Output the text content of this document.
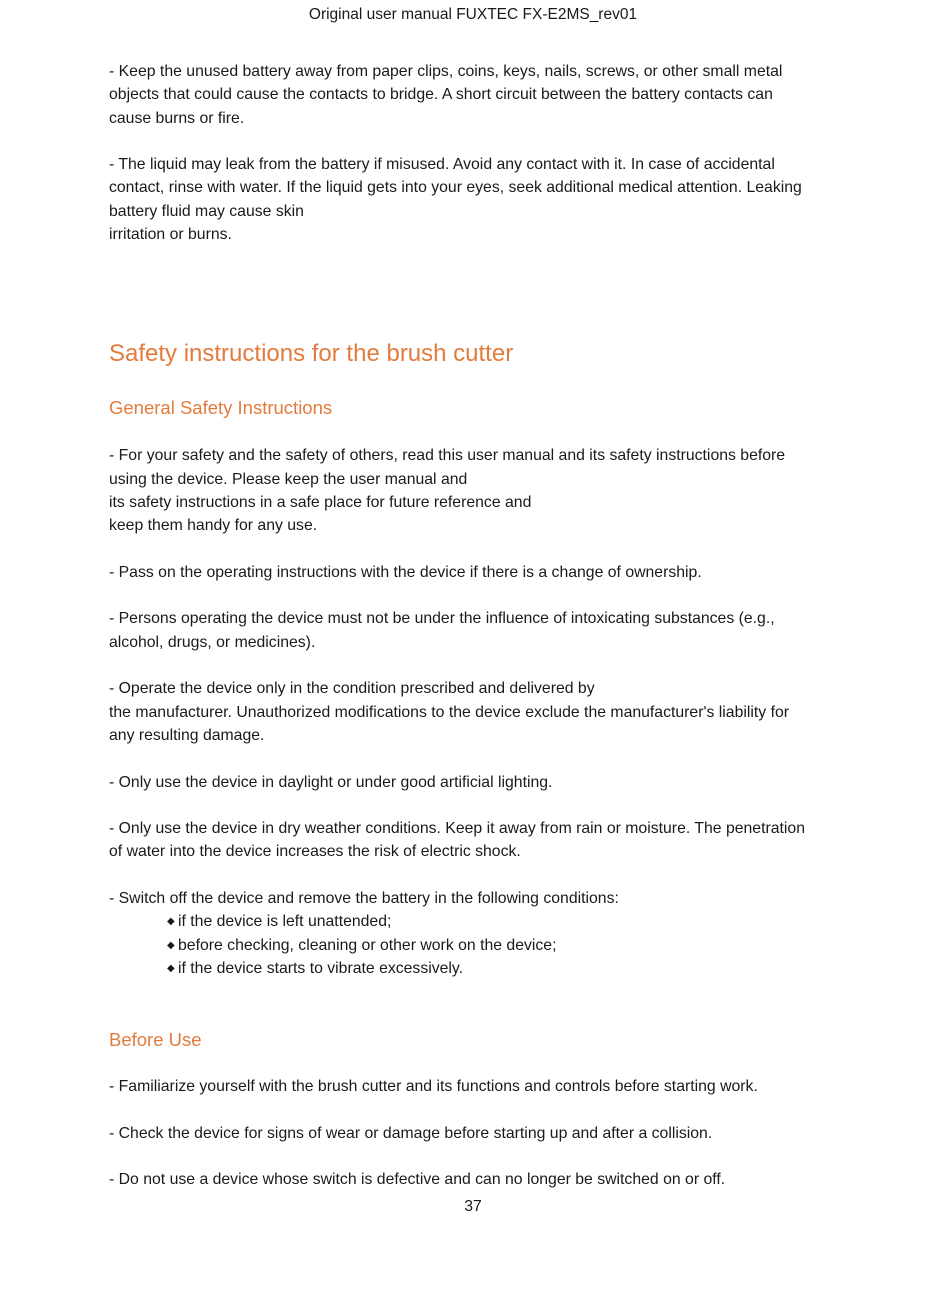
Original user manual FUXTEC FX-E2MS_rev01

- Keep the unused battery away from paper clips, coins, keys, nails, screws, or other small metal
objects that could cause the contacts to bridge. A short circuit between the battery contacts can
cause burns or fire.

- The liquid may leak from the battery if misused. Avoid any contact with it. In case of accidental
contact, rinse with water. If the liquid gets into your eyes, seek additional medical attention. Leaking
battery fluid may cause skin
irritation or burns.

Safety instructions for the brush cutter
General Safety Instructions

- For your safety and the safety of others, read this user manual and its safety instructions before
using the device. Please keep the user manual and
its safety instructions in a safe place for future reference and
keep them handy for any use.

- Pass on the operating instructions with the device if there is a change of ownership.

- Persons operating the device must not be under the influence of intoxicating substances (e.g.,
alcohol, drugs, or medicines).

- Operate the device only in the condition prescribed and delivered by
the manufacturer. Unauthorized modifications to the device exclude the manufacturer's liability for
any resulting damage.

- Only use the device in daylight or under good artificial lighting.

- Only use the device in dry weather conditions. Keep it away from rain or moisture. The penetration
of water into the device increases the risk of electric shock.

- Switch off the device and remove the battery in the following conditions:

◆ if the device is left unattended;
◆ before checking, cleaning or other work on the device;
◆ if the device starts to vibrate excessively.
Before Use

- Familiarize yourself with the brush cutter and its functions and controls before starting work.

- Check the device for signs of wear or damage before starting up and after a collision.

- Do not use a device whose switch is defective and can no longer be switched on or off.

37
